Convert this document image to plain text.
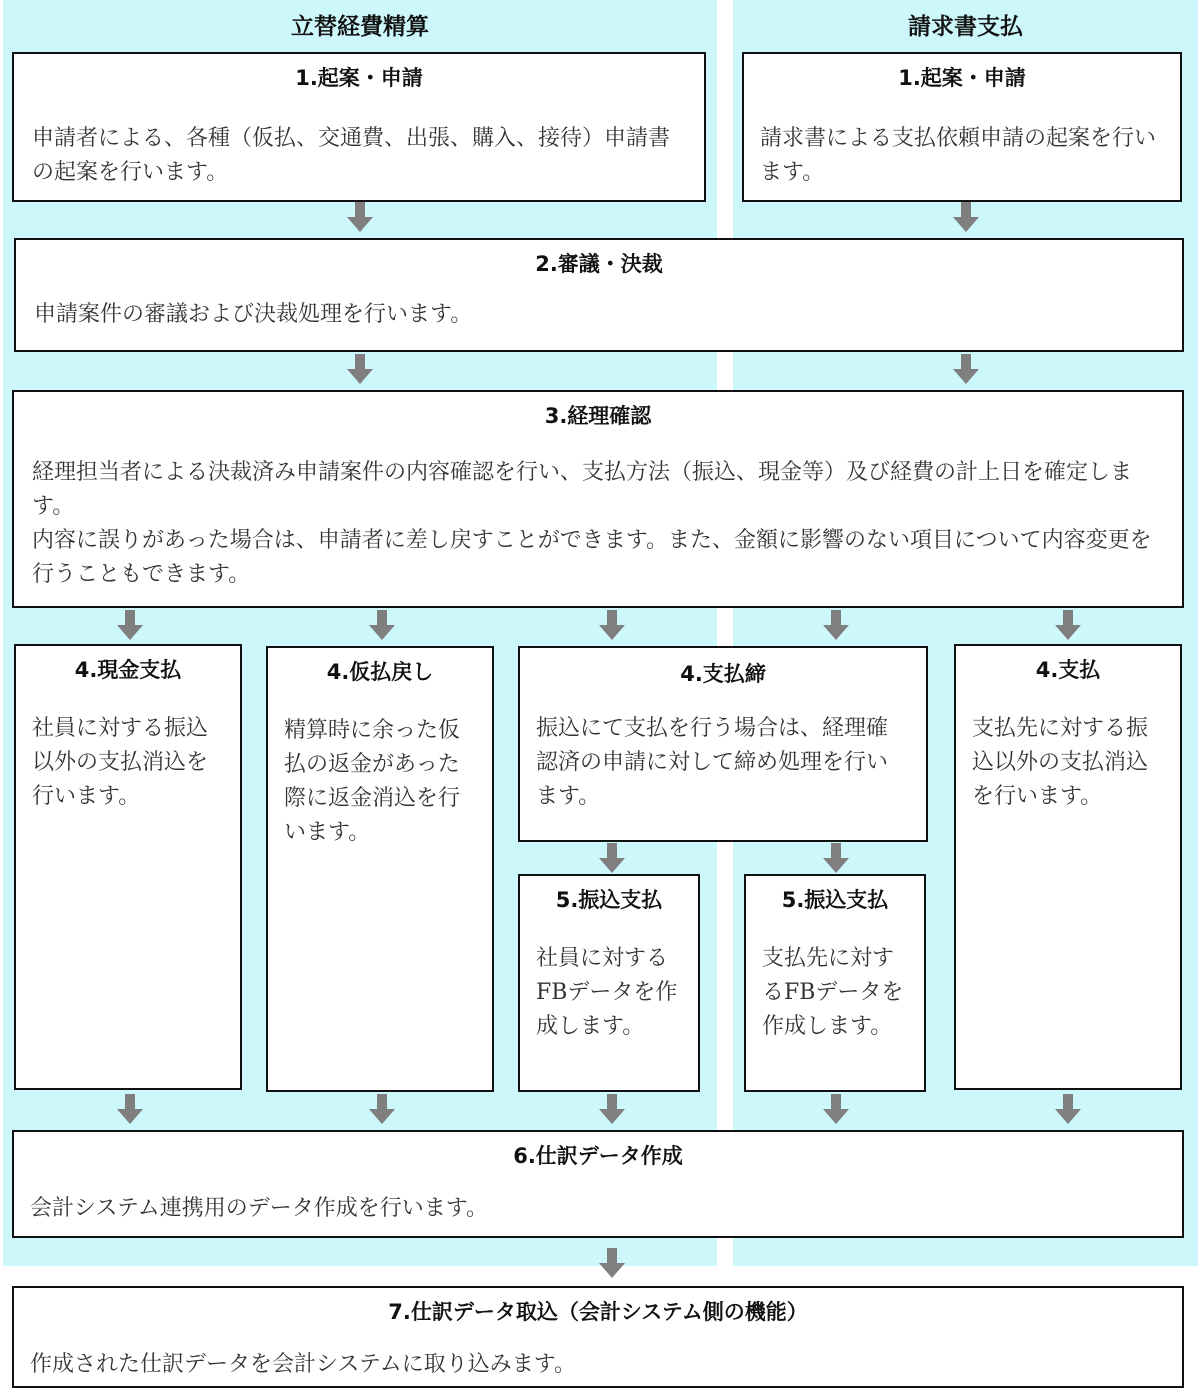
立替経費精算	請求書支払
1.起案・申請
申請者による、各種（仮払、交通費、出張、購入、接待）申請書の起案を行います。
1.起案・申請
請求書による支払依頼申請の起案を行います。
2.審議・決裁
申請案件の審議および決裁処理を行います。
3.経理確認
経理担当者による決裁済み申請案件の内容確認を行い、支払方法（振込、現金等）及び経費の計上日を確定します。
内容に誤りがあった場合は、申請者に差し戻すことができます。また、金額に影響のない項目について内容変更を行うこともできます。
4.現金支払
社員に対する振込以外の支払消込を行います。
4.仮払戻し
精算時に余った仮払の返金があった際に返金消込を行います。
4.支払締
振込にて支払を行う場合は、経理確認済の申請に対して締め処理を行います。
4.支払
支払先に対する振込以外の支払消込を行います。
5.振込支払
社員に対するFBデータを作成します。
5.振込支払
支払先に対するFBデータを作成します。
6.仕訳データ作成
会計システム連携用のデータ作成を行います。
7.仕訳データ取込（会計システム側の機能）
作成された仕訳データを会計システムに取り込みます。
